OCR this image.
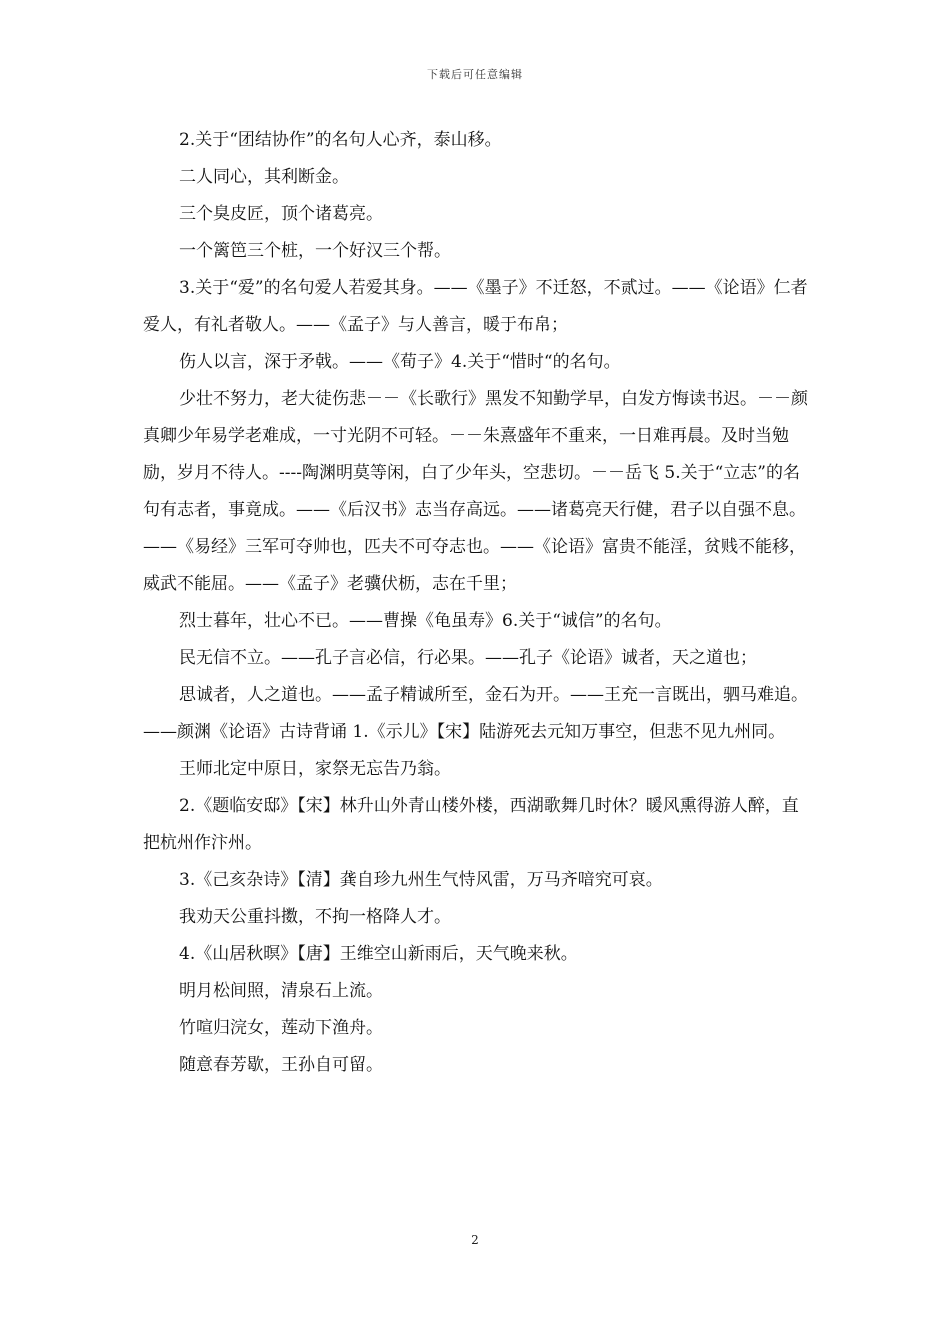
下载后可任意编辑

2.关于“团结协作”的名句人心齐，泰山移。

二人同心，其利断金。

三个臭皮匠，顶个诸葛亮。

一个篱笆三个桩，一个好汉三个帮。

3.关于“爱”的名句爱人若爱其身。——《墨子》不迁怒，不贰过。——《论语》仁者爱人，有礼者敬人。——《孟子》与人善言，暖于布帛；

伤人以言，深于矛戟。——《荀子》4.关于“惜时“的名句。

少壮不努力，老大徒伤悲－－《长歌行》黑发不知勤学早，白发方悔读书迟。－－颜真卿少年易学老难成，一寸光阴不可轻。－－朱熹盛年不重来，一日难再晨。及时当勉励，岁月不待人。----陶渊明莫等闲，白了少年头，空悲切。－－岳飞 5.关于“立志”的名句有志者，事竟成。——《后汉书》志当存高远。——诸葛亮天行健，君子以自强不息。——《易经》三军可夺帅也，匹夫不可夺志也。——《论语》富贵不能淫，贫贱不能移，威武不能屈。——《孟子》老骥伏枥，志在千里；

烈士暮年，壮心不已。——曹操《龟虽寿》6.关于“诚信”的名句。

民无信不立。——孔子言必信，行必果。——孔子《论语》诚者，天之道也；

思诚者，人之道也。——孟子精诚所至，金石为开。——王充一言既出，驷马难追。——颜渊《论语》古诗背诵 1.《示儿》【宋】陆游死去元知万事空，但悲不见九州同。

王师北定中原日，家祭无忘告乃翁。

2.《题临安邸》【宋】林升山外青山楼外楼，西湖歌舞几时休？暖风熏得游人醉，直把杭州作汴州。

3.《己亥杂诗》【清】龚自珍九州生气恃风雷，万马齐喑究可哀。

我劝天公重抖擞，不拘一格降人才。

4.《山居秋暝》【唐】王维空山新雨后，天气晚来秋。

明月松间照，清泉石上流。

竹喧归浣女，莲动下渔舟。

随意春芳歇，王孙自可留。

2
